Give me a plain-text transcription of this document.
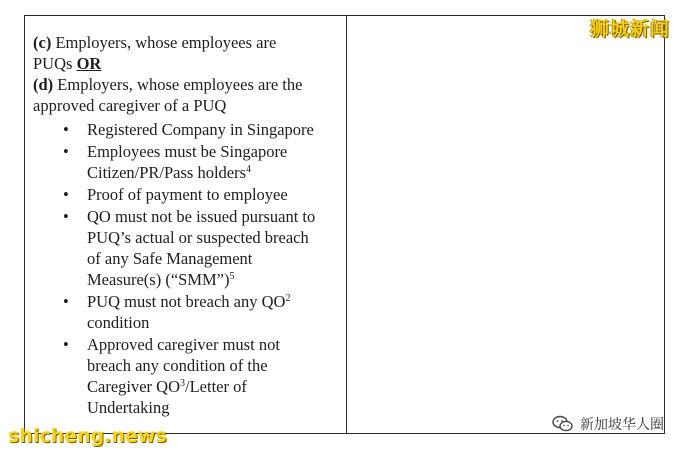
(c) Employers, whose employees are

PUQs OR

(d) Employers, whose employees are the

approved caregiver of a PUQ

• Registered Company in Singapore
• Employees must be Singapore
Citizen/PR/Pass holders$^4$
• Proof of payment to employee
• QO must not be issued pursuant to
PUQ’s actual or suspected breach
of any Safe Management
Measure(s) (“SMM”)$^5$
• PUQ must not breach any $QO^2$
condition
• Approved caregiver must not
breach any condition of the
Caregiver $QO^3$/Letter of
Undertaking
狮城新闻
shicheng.news	新加坡华人圈
